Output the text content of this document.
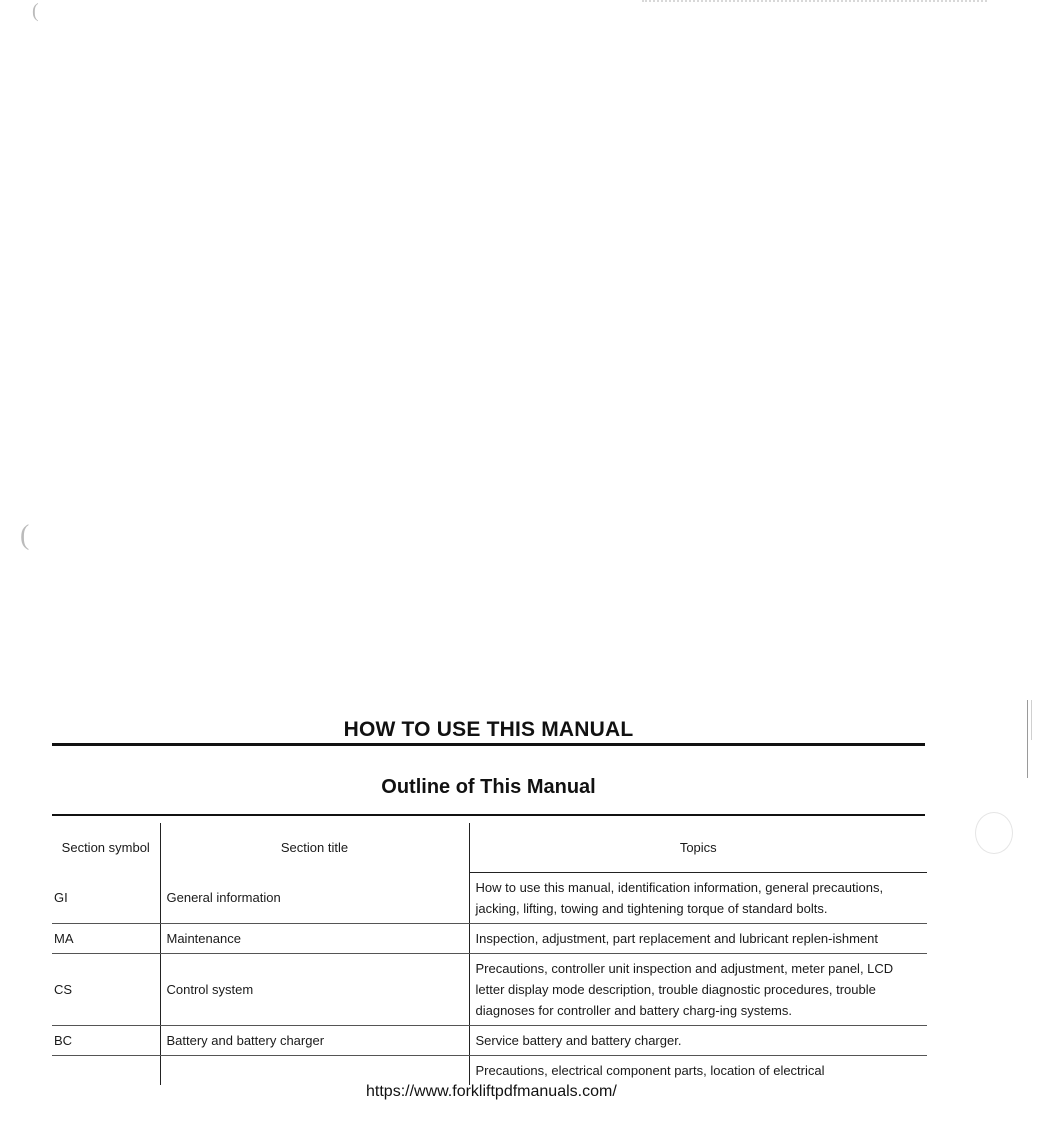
(
(
HOW TO USE THIS MANUAL
Outline of This Manual
Section symbol	Section title	Topics
GI	General information	How to use this manual, identification information, general precautions, jacking, lifting, towing and tightening torque of standard bolts.
MA	Maintenance	Inspection, adjustment, part replacement and lubricant replen-ishment
CS	Control system	Precautions, controller unit inspection and adjustment, meter panel, LCD letter display mode description, trouble diagnostic procedures, trouble diagnoses for controller and battery charg-ing systems.
BC	Battery and battery charger	Service battery and battery charger.
		Precautions, electrical component parts, location of electrical
https://www.forkliftpdfmanuals.com/
